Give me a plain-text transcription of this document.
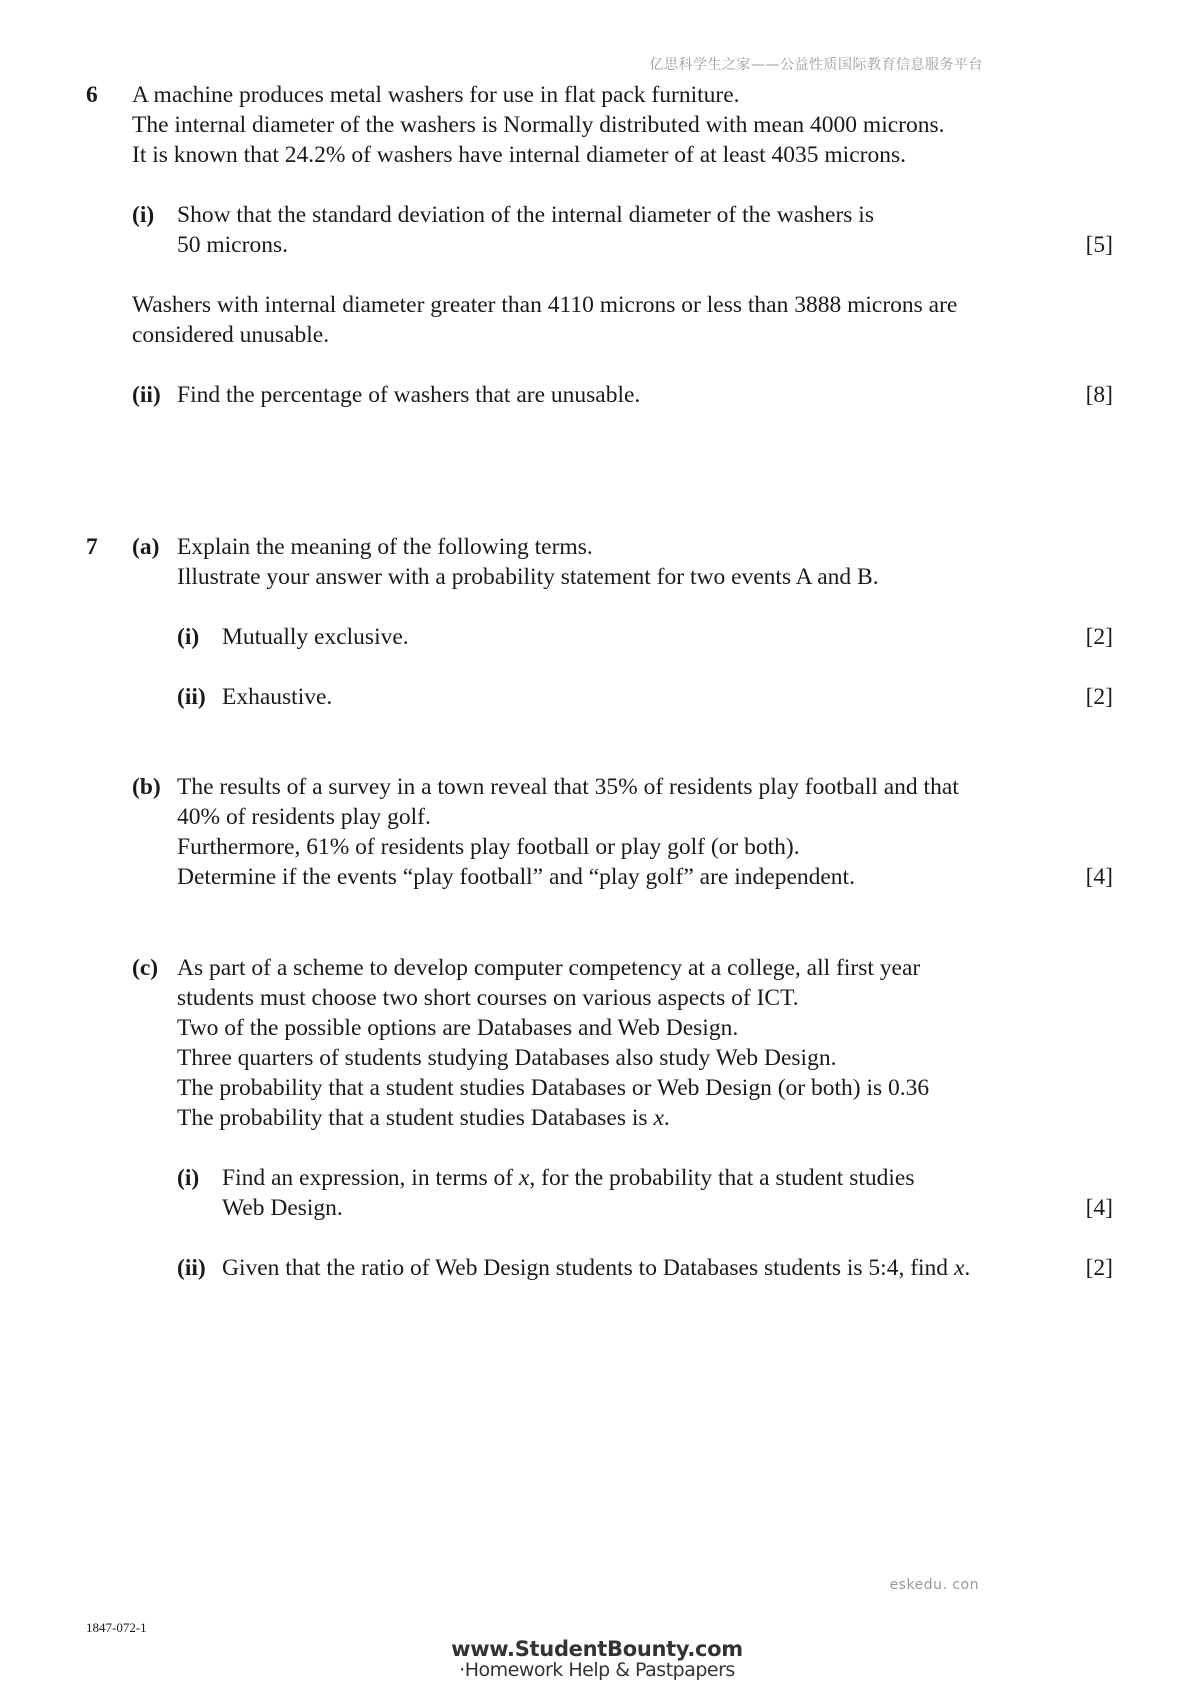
亿思科学生之家——公益性质国际教育信息服务平台
6 A machine produces metal washers for use in flat pack furniture.
The internal diameter of the washers is Normally distributed with mean 4000 microns.
It is known that 24.2% of washers have internal diameter of at least 4035 microns.
(i) Show that the standard deviation of the internal diameter of the washers is
50 microns.	[5]
Washers with internal diameter greater than 4110 microns or less than 3888 microns are
considered unusable.
(ii) Find the percentage of washers that are unusable.	[8]
7 (a) Explain the meaning of the following terms.
Illustrate your answer with a probability statement for two events A and B.
(i) Mutually exclusive.	[2]
(ii) Exhaustive.	[2]
(b) The results of a survey in a town reveal that 35% of residents play football and that
40% of residents play golf.
Furthermore, 61% of residents play football or play golf (or both).
Determine if the events “play football” and “play golf” are independent.	[4]
(c) As part of a scheme to develop computer competency at a college, all first year
students must choose two short courses on various aspects of ICT.
Two of the possible options are Databases and Web Design.
Three quarters of students studying Databases also study Web Design.
The probability that a student studies Databases or Web Design (or both) is 0.36
The probability that a student studies Databases is x.
(i) Find an expression, in terms of x, for the probability that a student studies
Web Design.	[4]
(ii) Given that the ratio of Web Design students to Databases students is 5:4, find x.	[2]
eskedu. con
1847-072-1
www.StudentBounty.com
·Homework Help & Pastpapers
